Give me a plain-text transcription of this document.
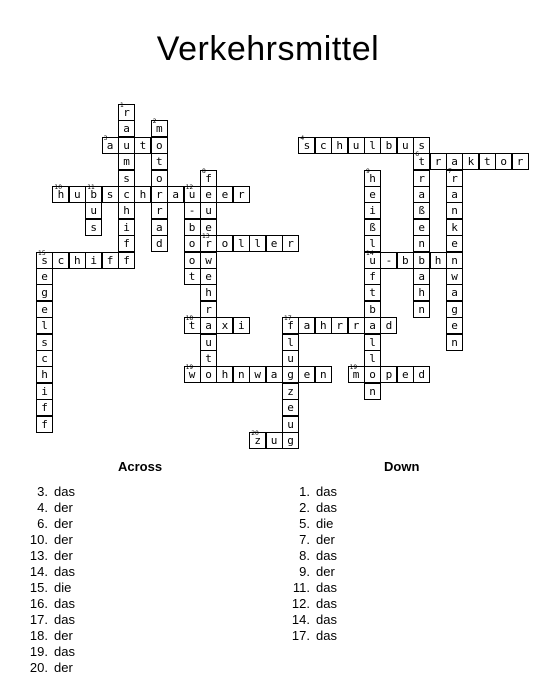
Verkehrsmittel
r
1
a
u
m
s
c
h
i
f
f
m
2
o
t
o
r
r
a
d
a
3
t	s
4
c h u l b u s
t
6
r a k t o r
r
a
ß
e
n
b
a
h
n
r
7
a
n
k
e
n
w
a
g
e
n
h
9
e
i
ß
l
u
14
f
t
b
a
l
l
o
n
f
8
e
u
e
r
13
w
e
h
r
a
u
t
o
h
10
u b
11
s	h	a u
12
e r
u
s
-
b
o
o
t
o l l e r
- b	h
s
15
c h i f
e
g
e
l
s
c
h
i
f
f
t
18
x i	f
17
a h r r	d
l
u
g
z
e
u
g
w
19
h n w a	e n	m
19
p e d
z
20
u
Across	Down
3. das
4. der
6. der
10. der
13. der
14. das
15. die
16. das
17. das
18. der
19. das
20. der
1. das
2. das
5. die
7. der
8. das
9. der
11. das
12. das
14. das
17. das
